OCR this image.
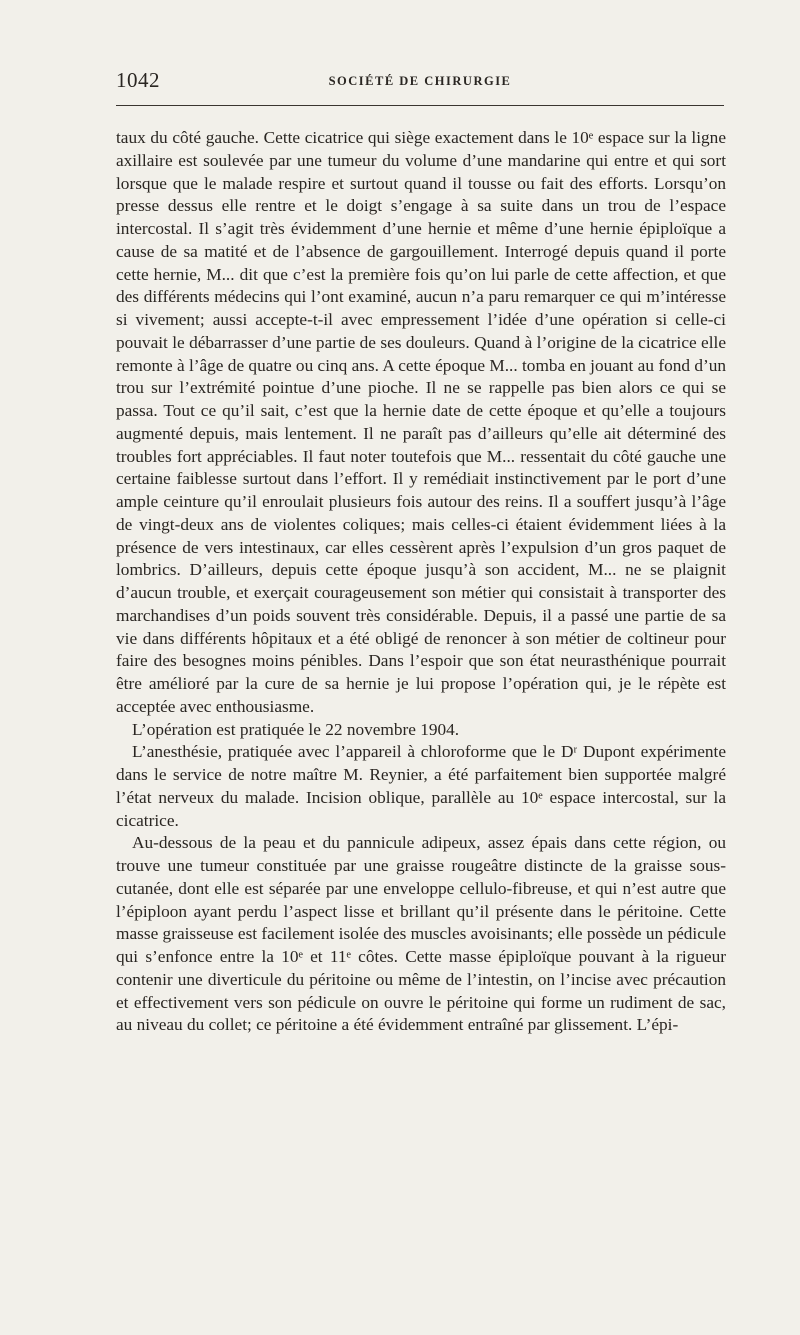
1042	SOCIÉTÉ DE CHIRURGIE

taux du côté gauche. Cette cicatrice qui siège exactement dans le 10ᵉ espace sur la ligne axillaire est soulevée par une tumeur du volume d’une mandarine qui entre et qui sort lorsque que le malade respire et surtout quand il tousse ou fait des efforts. Lorsqu’on presse dessus elle rentre et le doigt s’engage à sa suite dans un trou de l’espace intercostal. Il s’agit très évidemment d’une hernie et même d’une hernie épiploïque a cause de sa matité et de l’absence de gargouillement. Interrogé depuis quand il porte cette hernie, M... dit que c’est la première fois qu’on lui parle de cette affection, et que des différents médecins qui l’ont examiné, aucun n’a paru remarquer ce qui m’intéresse si vivement; aussi accepte-t-il avec empressement l’idée d’une opération si celle-ci pouvait le débarrasser d’une partie de ses douleurs. Quand à l’origine de la cicatrice elle remonte à l’âge de quatre ou cinq ans. A cette époque M... tomba en jouant au fond d’un trou sur l’extrémité pointue d’une pioche. Il ne se rappelle pas bien alors ce qui se passa. Tout ce qu’il sait, c’est que la hernie date de cette époque et qu’elle a toujours augmenté depuis, mais lentement. Il ne paraît pas d’ailleurs qu’elle ait déterminé des troubles fort appréciables. Il faut noter toutefois que M... ressentait du côté gauche une certaine faiblesse surtout dans l’effort. Il y remédiait instinctivement par le port d’une ample ceinture qu’il enroulait plusieurs fois autour des reins. Il a souffert jusqu’à l’âge de vingt-deux ans de violentes coliques; mais celles-ci étaient évidemment liées à la présence de vers intestinaux, car elles cessèrent après l’expulsion d’un gros paquet de lombrics. D’ailleurs, depuis cette époque jusqu’à son accident, M... ne se plaignit d’aucun trouble, et exerçait courageusement son métier qui consistait à transporter des marchandises d’un poids souvent très considérable. Depuis, il a passé une partie de sa vie dans différents hôpitaux et a été obligé de renoncer à son métier de coltineur pour faire des besognes moins pénibles. Dans l’espoir que son état neurasthénique pourrait être amélioré par la cure de sa hernie je lui propose l’opération qui, je le répète est acceptée avec enthousiasme.

L’opération est pratiquée le 22 novembre 1904.

L’anesthésie, pratiquée avec l’appareil à chloroforme que le Dʳ Dupont expérimente dans le service de notre maître M. Reynier, a été parfaitement bien supportée malgré l’état nerveux du malade. Incision oblique, parallèle au 10ᵉ espace intercostal, sur la cicatrice.

Au-dessous de la peau et du pannicule adipeux, assez épais dans cette région, ou trouve une tumeur constituée par une graisse rougeâtre distincte de la graisse sous-cutanée, dont elle est séparée par une enveloppe cellulo-fibreuse, et qui n’est autre que l’épiploon ayant perdu l’aspect lisse et brillant qu’il présente dans le péritoine. Cette masse graisseuse est facilement isolée des muscles avoisinants; elle possède un pédicule qui s’enfonce entre la 10ᵉ et 11ᵉ côtes. Cette masse épiploïque pouvant à la rigueur contenir une diverticule du péritoine ou même de l’intestin, on l’incise avec précaution et effectivement vers son pédicule on ouvre le péritoine qui forme un rudiment de sac, au niveau du collet; ce péritoine a été évidemment entraîné par glissement. L’épi-
